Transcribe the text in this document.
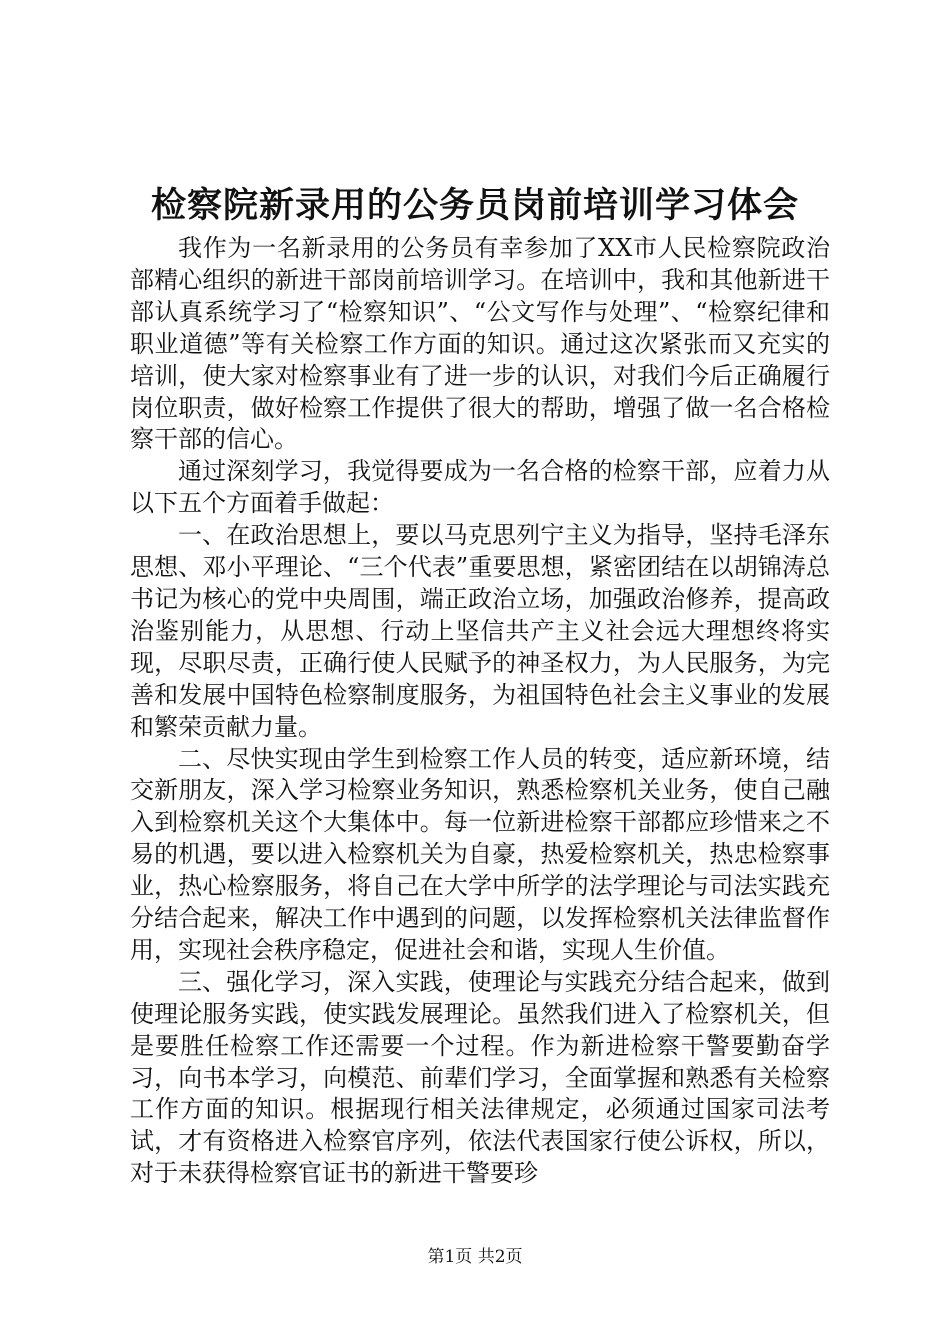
检察院新录用的公务员岗前培训学习体会

我作为一名新录用的公务员有幸参加了XX市人民检察院政治部精心组织的新进干部岗前培训学习。在培训中，我和其他新进干部认真系统学习了“检察知识”、“公文写作与处理”、“检察纪律和职业道德”等有关检察工作方面的知识。通过这次紧张而又充实的培训，使大家对检察事业有了进一步的认识，对我们今后正确履行岗位职责，做好检察工作提供了很大的帮助，增强了做一名合格检察干部的信心。

通过深刻学习，我觉得要成为一名合格的检察干部，应着力从以下五个方面着手做起：

一、在政治思想上，要以马克思列宁主义为指导，坚持毛泽东思想、邓小平理论、“三个代表”重要思想，紧密团结在以胡锦涛总书记为核心的党中央周围，端正政治立场，加强政治修养，提高政治鉴别能力，从思想、行动上坚信共产主义社会远大理想终将实现，尽职尽责，正确行使人民赋予的神圣权力，为人民服务，为完善和发展中国特色检察制度服务，为祖国特色社会主义事业的发展和繁荣贡献力量。

二、尽快实现由学生到检察工作人员的转变，适应新环境，结交新朋友，深入学习检察业务知识，熟悉检察机关业务，使自己融入到检察机关这个大集体中。每一位新进检察干部都应珍惜来之不易的机遇，要以进入检察机关为自豪，热爱检察机关，热忠检察事业，热心检察服务，将自己在大学中所学的法学理论与司法实践充分结合起来，解决工作中遇到的问题，以发挥检察机关法律监督作用，实现社会秩序稳定，促进社会和谐，实现人生价值。

三、强化学习，深入实践，使理论与实践充分结合起来，做到使理论服务实践，使实践发展理论。虽然我们进入了检察机关，但是要胜任检察工作还需要一个过程。作为新进检察干警要勤奋学习，向书本学习，向模范、前辈们学习，全面掌握和熟悉有关检察工作方面的知识。根据现行相关法律规定，必须通过国家司法考试，才有资格进入检察官序列，依法代表国家行使公诉权，所以，对于未获得检察官证书的新进干警要珍

第1页 共2页
